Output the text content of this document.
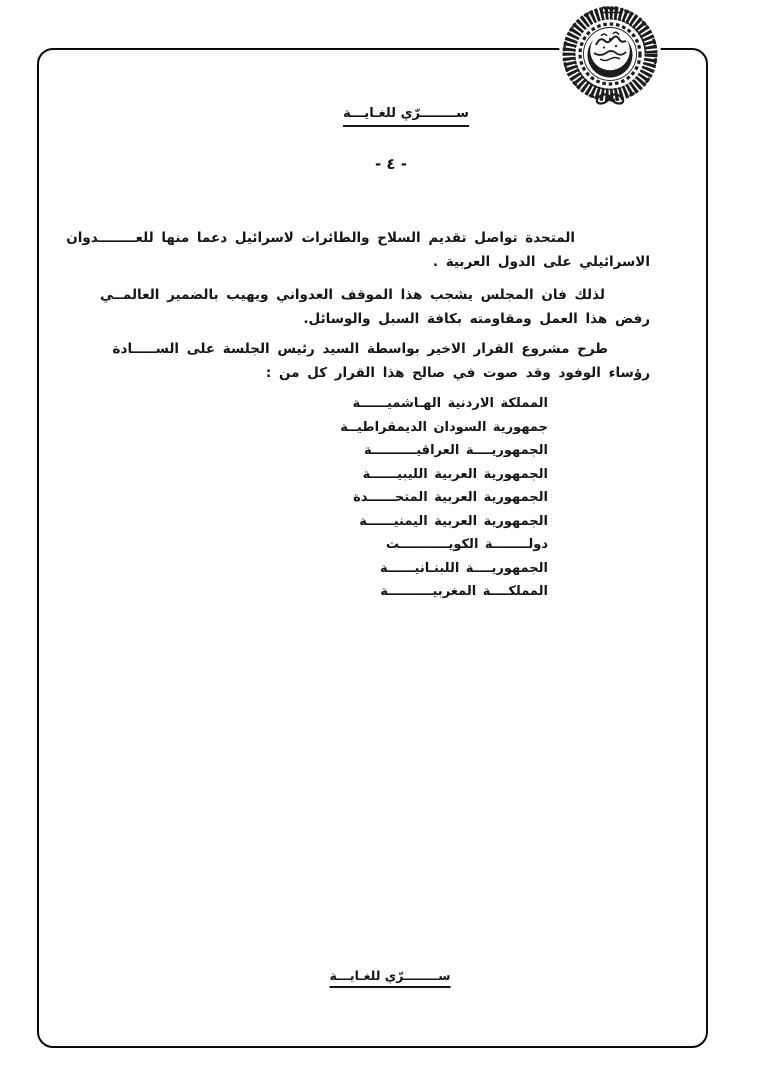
ســــــــرّي للغـايـــة
- ٤ -
المتحدة تواصل تقديم السلاح والطائرات لاسرائيل دعما منها للعــــــــدوان
الاسرائيلي على الدول العربية .
لذلك فان المجلس يشجب هذا الموقف العدواني ويهيب بالضمير العالمــي
رفض هذا العمل ومقاومته بكافة السبل والوسائل.
طرح مشروع القرار الاخير بواسطة السيد رئيس الجلسة على الســـــادة
رؤساء الوفود وقد صوت في صالح هذا القرار كل من :
المملكة الاردنية الهـاشميــــــة
جمهورية السودان الديمقراطيــة
الجمهوريــــة العراقيــــــــــة
الجمهورية العربية الليبيــــــة
الجمهورية العربية المتحــــــدة
الجمهورية العربية اليمنيــــــة
دولــــــــة الكويـــــــــــت
الجمهوريــــة اللبنـانيــــــة
المملكــــة المغربيــــــــــة
ســــــــرّي للغـايـــة
